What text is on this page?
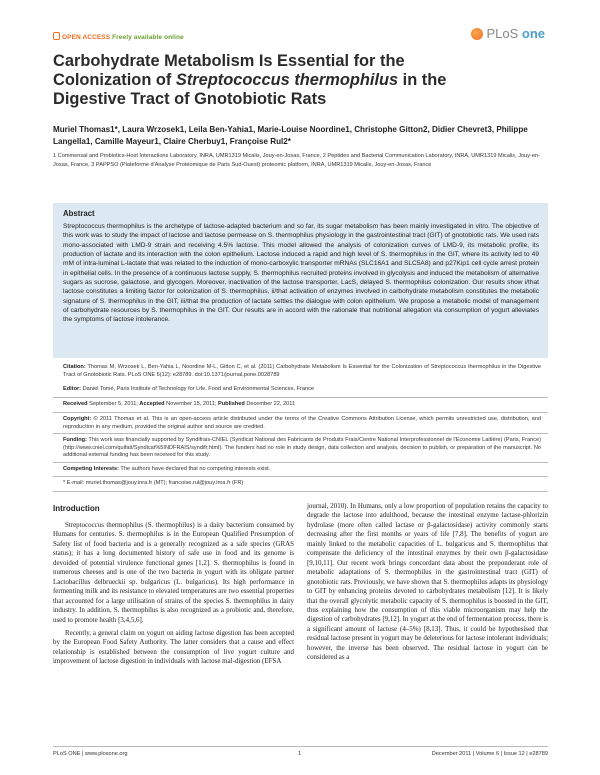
OPEN ACCESS Freely available online	PLoS one
Carbohydrate Metabolism Is Essential for the
Colonization of Streptococcus thermophilus in the
Digestive Tract of Gnotobiotic Rats
Muriel Thomas1*, Laura Wrzosek1, Leila Ben-Yahia1, Marie-Louise Noordine1, Christophe Gitton2, Didier Chevret3, Philippe Langella1, Camille Mayeur1, Claire Cherbuy1, Françoise Rul2*
1 Commensal and Probiotics-Host Interactions Laboratory, INRA, UMR1319 Micalis, Jouy-en-Josas, France, 2 Peptides and Bacterial Communication Laboratory, INRA, UMR1319 Micalis, Jouy-en-Josas, France, 3 PAPPSO (Plateforme d'Analyse Protéomique de Paris Sud-Ouest) proteomic platform, INRA, UMR1319 Micalis, Jouy-en-Josas, France
Abstract
Streptococcus thermophilus is the archetype of lactose-adapted bacterium and so far, its sugar metabolism has been mainly investigated in vitro. The objective of this work was to study the impact of lactose and lactose permease on S. thermophilus physiology in the gastrointestinal tract (GIT) of gnotobiotic rats. We used rats mono-associated with LMD-9 strain and receiving 4.5% lactose. This model allowed the analysis of colonization curves of LMD-9, its metabolic profile, its production of lactate and its interaction with the colon epithelium. Lactose induced a rapid and high level of S. thermophilus in the GIT, where its activity led to 49 mM of intra-luminal L-lactate that was related to the induction of mono-carboxylic transporter mRNAs (SLC16A1 and SLC5A8) and p27Kip1 cell cycle arrest protein in epithelial cells. In the presence of a continuous lactose supply, S. thermophilus recruited proteins involved in glycolysis and induced the metabolism of alternative sugars as sucrose, galactose, and glycogen. Moreover, inactivation of the lactose transporter, LacS, delayed S. thermophilus colonization. Our results show i/that lactose constitutes a limiting factor for colonization of S. thermophilus, ii/that activation of enzymes involved in carbohydrate metabolism constitutes the metabolic signature of S. thermophilus in the GIT, iii/that the production of lactate settles the dialogue with colon epithelium. We propose a metabolic model of management of carbohydrate resources by S. thermophilus in the GIT. Our results are in accord with the rationale that nutritional allegation via consumption of yogurt alleviates the symptoms of lactose intolerance.
Citation: Thomas M, Wrzosek L, Ben-Yahia L, Noordine M-L, Gitton C, et al. (2011) Carbohydrate Metabolism Is Essential for the Colonization of Streptococcus thermophilus in the Digestive Tract of Gnotobiotic Rats. PLoS ONE 6(12): e28789. doi:10.1371/journal.pone.0028789
Editor: Daniel Tomé, Paris Institute of Technology for Life, Food and Environmental Sciences, France
Received September 5, 2011; Accepted November 15, 2011; Published December 22, 2011
Copyright: © 2011 Thomas et al. This is an open-access article distributed under the terms of the Creative Commons Attribution License, which permits unrestricted use, distribution, and reproduction in any medium, provided the original author and source are credited.
Funding: This work was financially supported by Syndifrais-CNIEL (Syndicat National des Fabricants de Produits Frais/Centre National Interprofessionnel de l'Economie Laitière) (Paris, France) (http://www.cniel.com/quifait/Syndicat%5INDFRAIS/syndifr.html). The funders had no role in study design, data collection and analysis, decision to publish, or preparation of the manuscript. No additional external funding has been received for this study.
Competing Interests: The authors have declared that no competing interests exist.
* E-mail: muriel.thomas@jouy.inra.fr (MT); francoise.rul@jouy.inra.fr (FR)
Introduction

Streptococcus thermophilus (S. thermophilus) is a dairy bacterium consumed by Humans for centuries. S. thermophilus is in the European Qualified Presumption of Safety list of food bacteria and is a generally recognized as a safe species (GRAS status); it has a long documented history of safe use in food and its genome is devoided of potential virulence functional genes [1,2]. S. thermophilus is found in numerous cheeses and is one of the two bacteria in yogurt with its obligate partner Lactobacillus delbrueckii sp. bulgaricus (L. bulgaricus). Its high performance in fermenting milk and its resistance to elevated temperatures are two essential properties that accounted for a large utilisation of strains of the species S. thermophilus in dairy industry. In addition, S. thermophilus is also recognized as a probiotic and, therefore, used to promote health [3,4,5,6].

Recently, a general claim on yogurt on aiding lactose digestion has been accepted by the European Food Safety Authority. The latter considers that a cause and effect relationship is established between the consumption of live yogurt culture and improvement of lactose digestion in individuals with lactose mal-digestion (EFSA

journal, 2010). In Humans, only a low proportion of population retains the capacity to degrade the lactose into adulthood, because the intestinal enzyme lactase-phlorizin hydrolase (more often called lactase or β-galactosidase) activity commonly starts decreasing after the first months or years of life [7,8]. The benefits of yogurt are mainly linked to the metabolic capacities of L. bulgaricus and S. thermophilus that compensate the deficiency of the intestinal enzymes by their own β-galactosidase [9,10,11]. Our recent work brings concordant data about the preponderant role of metabolic adaptations of S. thermophilus in the gastrointestinal tract (GIT) of gnotobiotic rats. Previously, we have shown that S. thermophilus adapts its physiology to GIT by enhancing proteins devoted to carbohydrates metabolism [12]. It is likely that the overall glycolytic metabolic capacity of S. thermophilus is boosted in the GIT, thus explaining how the consumption of this viable microorganism may help the digestion of carbohydrates [9,12]. In yogurt at the end of fermentation process, there is a significant amount of lactose (4–5%) [8,13]. Thus, it could be hypothesised that residual lactose present in yogurt may be deleterious for lactose intolerant individuals; however, the inverse has been observed. The residual lactose in yogurt can be considered as a

PLoS ONE | www.plosone.org	1	December 2011 | Volume 6 | Issue 12 | e28789
